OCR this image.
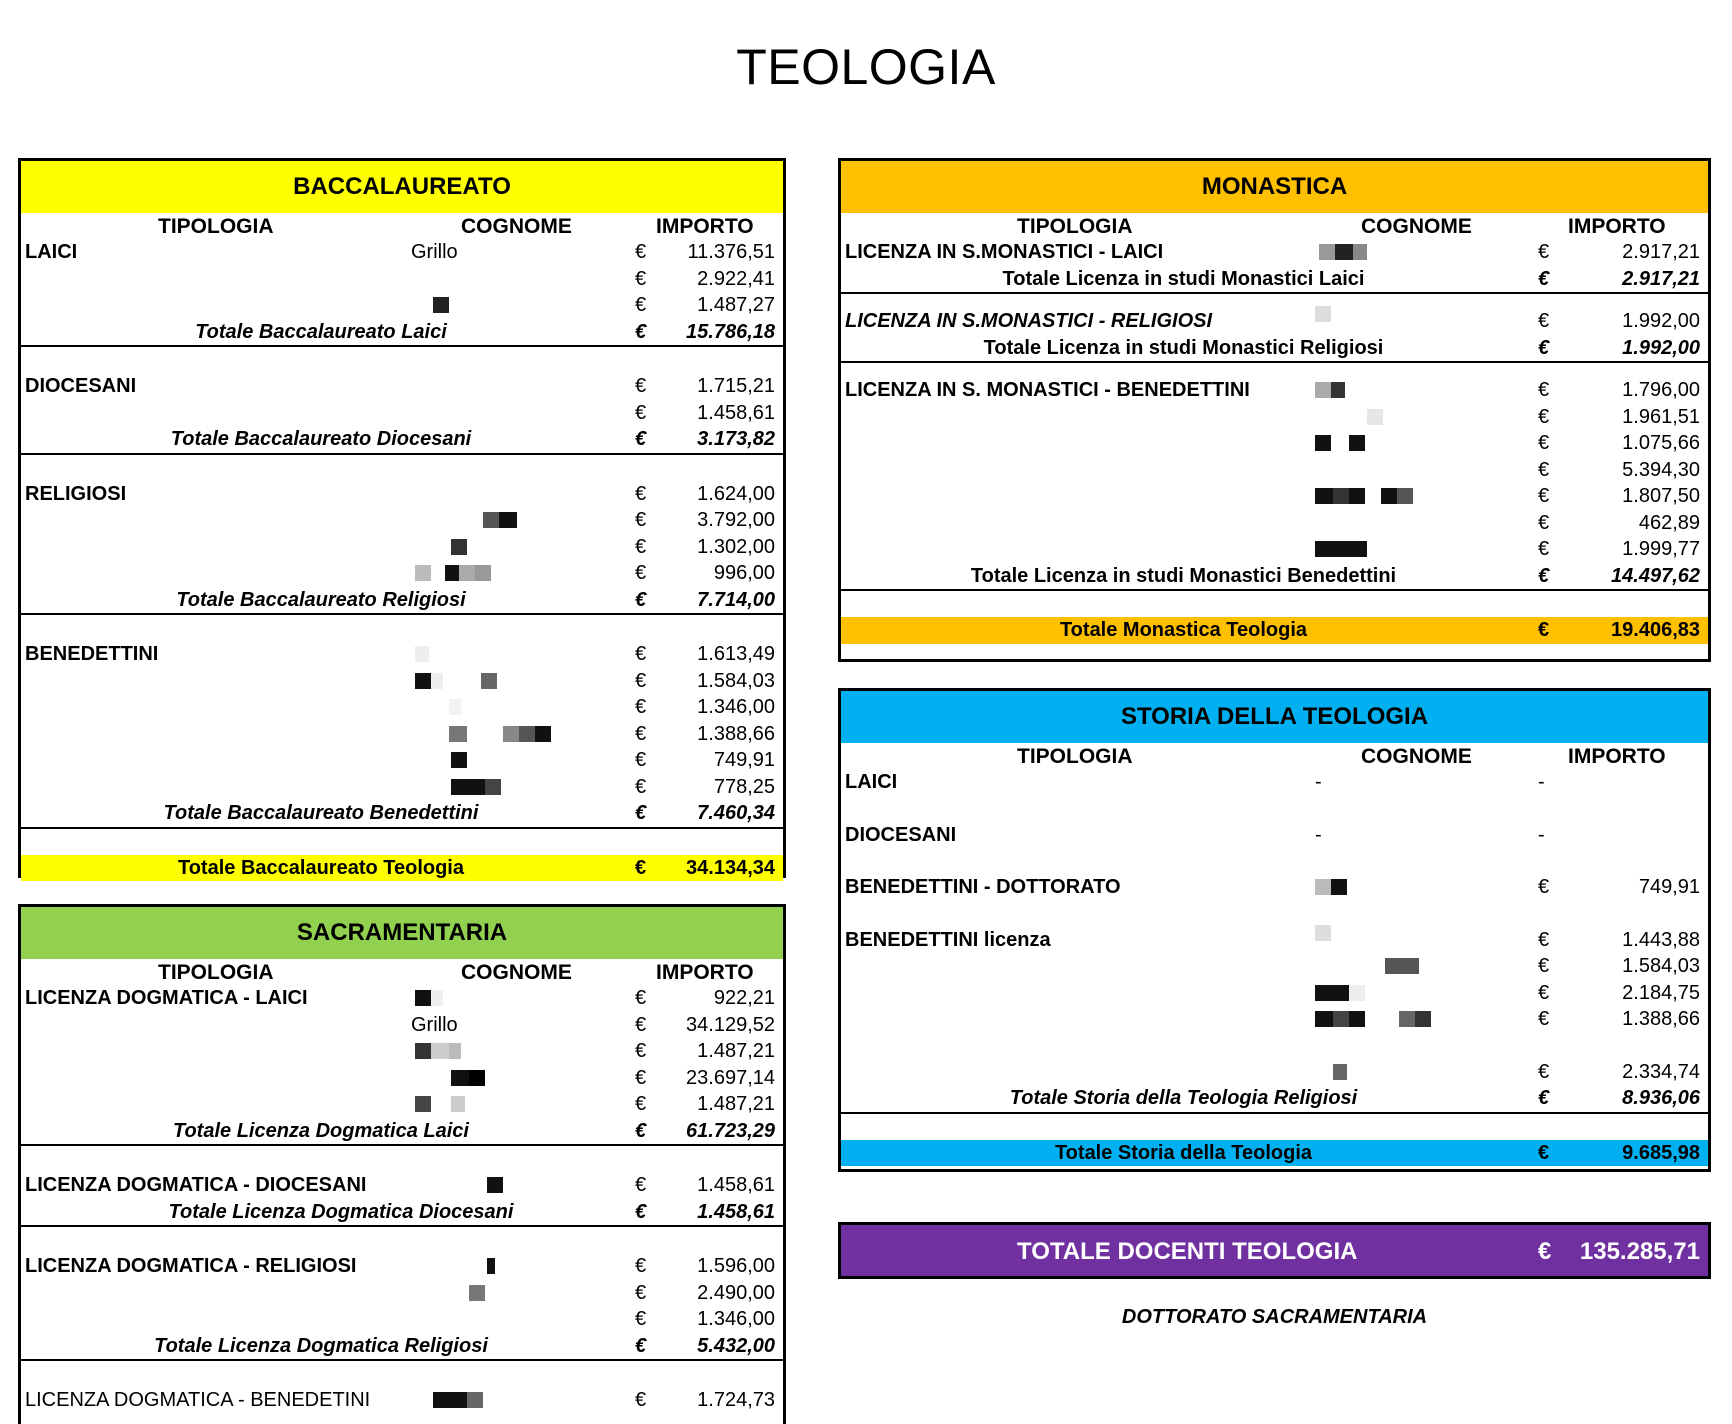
TEOLOGIA
BACCALAUREATO
TIPOLOGIA	COGNOME	IMPORTO
LAICI	Grillo	€ 11.376,51
€	2.922,41
€	1.487,27
Totale Baccalaureato Laici	€ 15.786,18
DIOCESANI	€	1.715,21
€	1.458,61
Totale Baccalaureato Diocesani	€	3.173,82
RELIGIOSI	€	1.624,00
€	3.792,00
€	1.302,00
€	996,00
Totale Baccalaureato Religiosi	€	7.714,00
BENEDETTINI	€	1.613,49
€	1.584,03
€	1.346,00
€	1.388,66
€	749,91
€	778,25
Totale Baccalaureato Benedettini	€	7.460,34
Totale Baccalaureato Teologia	€ 34.134,34
SACRAMENTARIA
TIPOLOGIA	COGNOME	IMPORTO
LICENZA DOGMATICA - LAICI	€	922,21
Grillo	€ 34.129,52
€	1.487,21
€ 23.697,14
€	1.487,21
Totale Licenza Dogmatica Laici	€ 61.723,29
LICENZA DOGMATICA - DIOCESANI	€	1.458,61
Totale Licenza Dogmatica Diocesani	€	1.458,61
LICENZA DOGMATICA - RELIGIOSI	€	1.596,00
€	2.490,00
€	1.346,00
Totale Licenza Dogmatica Religiosi	€	5.432,00
LICENZA DOGMATICA - BENEDETINI	€	1.724,73
MONASTICA
TIPOLOGIA	COGNOME	IMPORTO
LICENZA IN S.MONASTICI - LAICI	€	2.917,21
Totale Licenza in studi Monastici Laici	€	2.917,21
LICENZA IN S.MONASTICI - RELIGIOSI	€	1.992,00
Totale Licenza in studi Monastici Religiosi	€	1.992,00
LICENZA IN S. MONASTICI - BENEDETTINI	€	1.796,00
€	1.961,51
€	1.075,66
€	5.394,30
€	1.807,50
€	462,89
€	1.999,77
Totale Licenza in studi Monastici Benedettini	€	14.497,62
Totale Monastica Teologia	€	19.406,83
STORIA DELLA TEOLOGIA
TIPOLOGIA	COGNOME	IMPORTO
LAICI	-	-
DIOCESANI	-	-
BENEDETTINI - DOTTORATO	€	749,91
BENEDETTINI licenza	€	1.443,88
€	1.584,03
€	2.184,75
€	1.388,66
€	2.334,74
Totale Storia della Teologia Religiosi	€	8.936,06
Totale Storia della Teologia	€	9.685,98
TOTALE DOCENTI TEOLOGIA	€ 135.285,71
DOTTORATO SACRAMENTARIA
